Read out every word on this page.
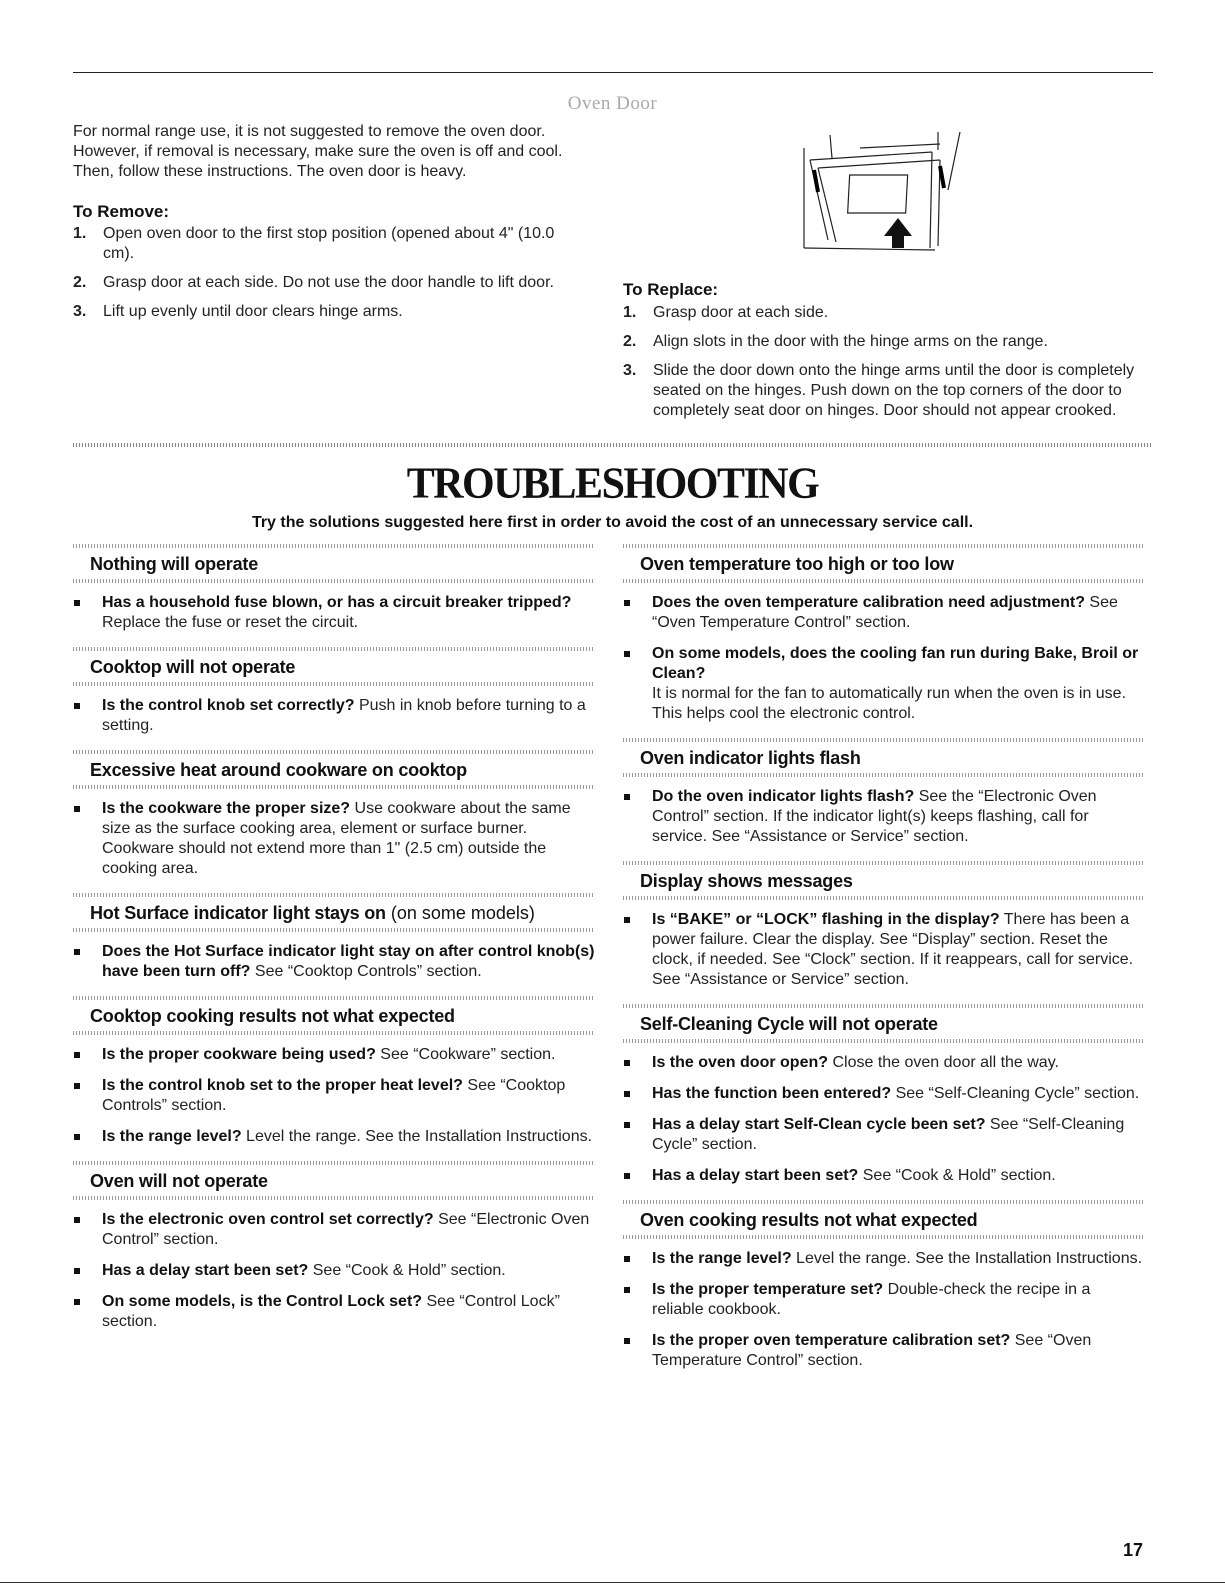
Oven Door
For normal range use, it is not suggested to remove the oven door. However, if removal is necessary, make sure the oven is off and cool. Then, follow these instructions. The oven door is heavy.
To Remove:
1. Open oven door to the first stop position (opened about 4" (10.0 cm).
2. Grasp door at each side. Do not use the door handle to lift door.
3. Lift up evenly until door clears hinge arms.
To Replace:
1. Grasp door at each side.
2. Align slots in the door with the hinge arms on the range.
3. Slide the door down onto the hinge arms until the door is completely seated on the hinges. Push down on the top corners of the door to completely seat door on hinges. Door should not appear crooked.
TROUBLESHOOTING
Try the solutions suggested here first in order to avoid the cost of an unnecessary service call.
Nothing will operate
Has a household fuse blown, or has a circuit breaker tripped? Replace the fuse or reset the circuit.
Cooktop will not operate
Is the control knob set correctly? Push in knob before turning to a setting.
Excessive heat around cookware on cooktop
Is the cookware the proper size? Use cookware about the same size as the surface cooking area, element or surface burner. Cookware should not extend more than 1" (2.5 cm) outside the cooking area.
Hot Surface indicator light stays on (on some models)
Does the Hot Surface indicator light stay on after control knob(s) have been turn off? See “Cooktop Controls” section.
Cooktop cooking results not what expected
Is the proper cookware being used? See “Cookware” section.
Is the control knob set to the proper heat level? See “Cooktop Controls” section.
Is the range level? Level the range. See the Installation Instructions.
Oven will not operate
Is the electronic oven control set correctly? See “Electronic Oven Control” section.
Has a delay start been set? See “Cook & Hold” section.
On some models, is the Control Lock set? See “Control Lock” section.
Oven temperature too high or too low
Does the oven temperature calibration need adjustment? See “Oven Temperature Control” section.
On some models, does the cooling fan run during Bake, Broil or Clean?
It is normal for the fan to automatically run when the oven is in use. This helps cool the electronic control.
Oven indicator lights flash
Do the oven indicator lights flash? See the “Electronic Oven Control” section. If the indicator light(s) keeps flashing, call for service. See “Assistance or Service” section.
Display shows messages
Is “BAKE” or “LOCK” flashing in the display? There has been a power failure. Clear the display. See “Display” section. Reset the clock, if needed. See “Clock” section. If it reappears, call for service. See “Assistance or Service” section.
Self-Cleaning Cycle will not operate
Is the oven door open? Close the oven door all the way.
Has the function been entered? See “Self-Cleaning Cycle” section.
Has a delay start Self-Clean cycle been set? See “Self-Cleaning Cycle” section.
Has a delay start been set? See “Cook & Hold” section.
Oven cooking results not what expected
Is the range level? Level the range. See the Installation Instructions.
Is the proper temperature set? Double-check the recipe in a reliable cookbook.
Is the proper oven temperature calibration set? See “Oven Temperature Control” section.
17
